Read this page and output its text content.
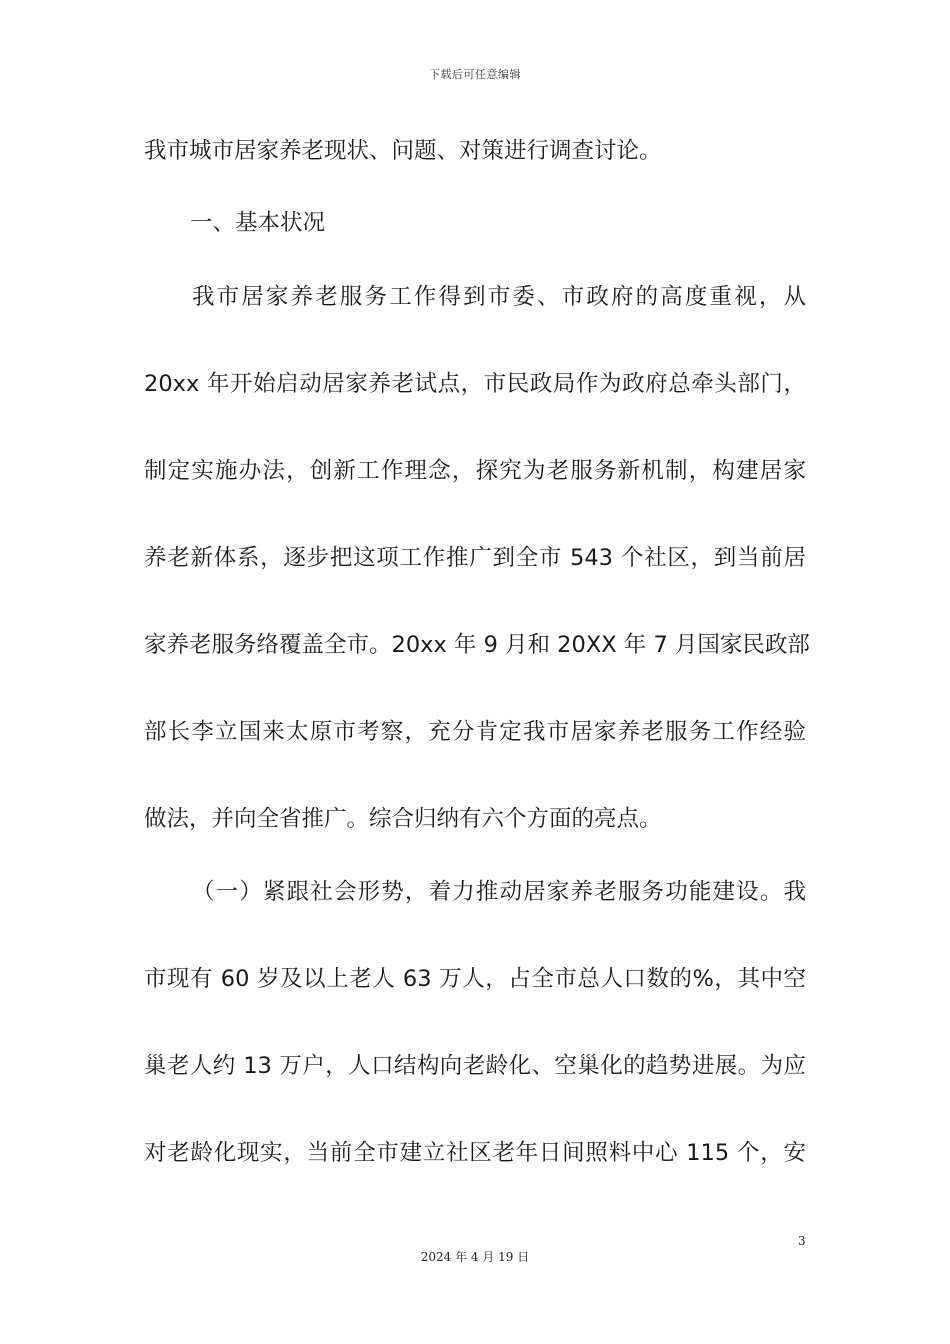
下载后可任意编辑
我市城市居家养老现状、问题、对策进行调查讨论。
一、基本状况
我市居家养老服务工作得到市委、市政府的高度重视，从
20xx 年开始启动居家养老试点，市民政局作为政府总牵头部门，
制定实施办法，创新工作理念，探究为老服务新机制，构建居家
养老新体系，逐步把这项工作推广到全市 543 个社区，到当前居
家养老服务络覆盖全市。20xx 年 9 月和 20XX 年 7 月国家民政部
部长李立国来太原市考察，充分肯定我市居家养老服务工作经验
做法，并向全省推广。综合归纳有六个方面的亮点。
（一）紧跟社会形势，着力推动居家养老服务功能建设。我
市现有 60 岁及以上老人 63 万人，占全市总人口数的%，其中空
巢老人约 13 万户，人口结构向老龄化、空巢化的趋势进展。为应
对老龄化现实，当前全市建立社区老年日间照料中心 115 个，安
3
2024 年 4 月 19 日
